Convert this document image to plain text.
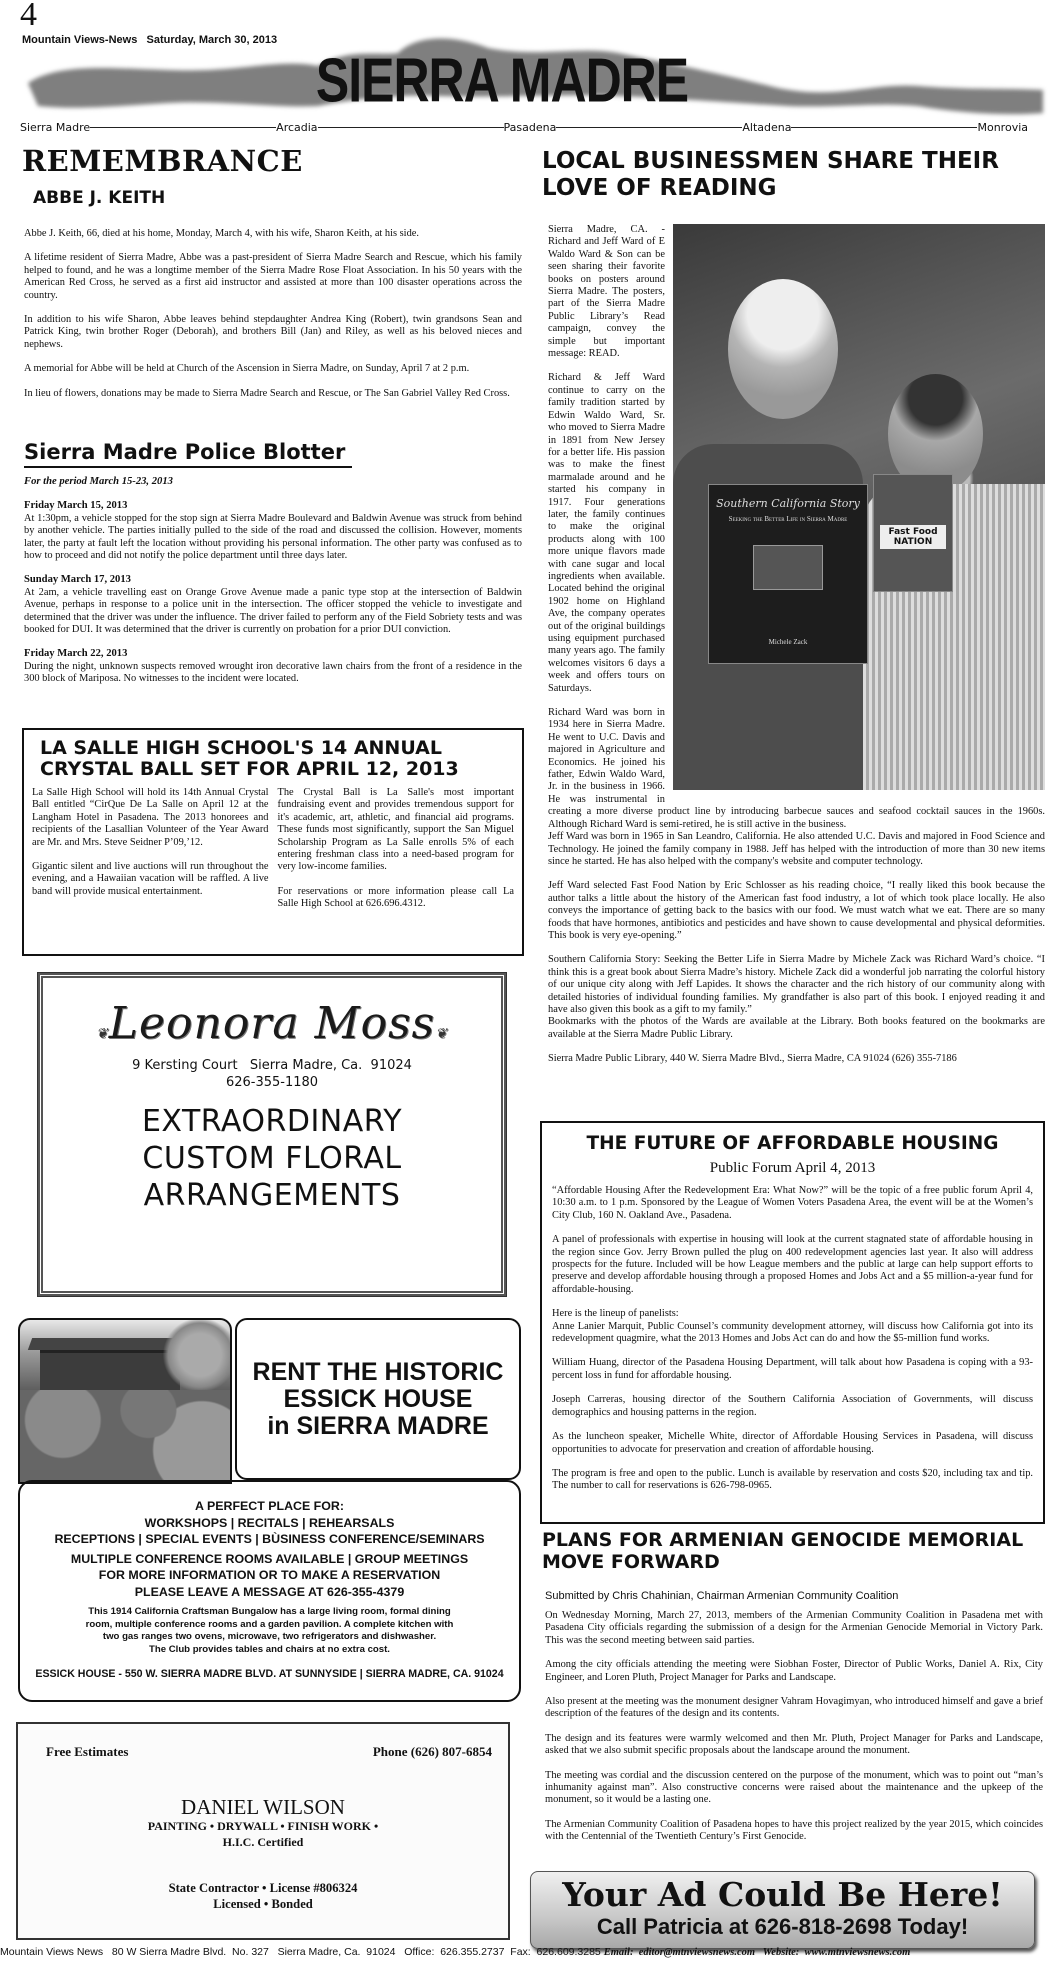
4
Mountain Views-News   Saturday, March 30, 2013
SIERRA MADRE
Sierra Madre	Arcadia	Pasadena	Altadena	Monrovia
REMEMBRANCE
ABBE J. KEITH

Abbe J. Keith, 66, died at his home, Monday, March 4, with his wife, Sharon Keith, at his side.

A lifetime resident of Sierra Madre, Abbe was a past-president of Sierra Madre Search and Rescue, which his family helped to found, and he was a longtime member of the Sierra Madre Rose Float Association. In his 50 years with the American Red Cross, he served as a first aid instructor and assisted at more than 100 disaster operations across the country.

In addition to his wife Sharon, Abbe leaves behind stepdaughter Andrea King (Robert), twin grandsons Sean and Patrick King, twin brother Roger (Deborah), and brothers Bill (Jan) and Riley, as well as his beloved nieces and nephews.

A memorial for Abbe will be held at Church of the Ascension in Sierra Madre, on Sunday, April 7 at 2 p.m.

In lieu of flowers, donations may be made to Sierra Madre Search and Rescue, or The San Gabriel Valley Red Cross.

Sierra Madre Police Blotter

For the period March 15-23, 2013

Friday March 15, 2013

At 1:30pm, a vehicle stopped for the stop sign at Sierra Madre Boulevard and Baldwin Avenue was struck from behind by another vehicle. The parties initially pulled to the side of the road and discussed the collision. However, moments later, the party at fault left the location without providing his personal information. The other party was confused as to how to proceed and did not notify the police department until three days later.

Sunday March 17, 2013

At 2am, a vehicle travelling east on Orange Grove Avenue made a panic type stop at the intersection of Baldwin Avenue, perhaps in response to a police unit in the intersection. The officer stopped the vehicle to investigate and determined that the driver was under the influence. The driver failed to perform any of the Field Sobriety tests and was booked for DUI. It was determined that the driver is currently on probation for a prior DUI conviction.

Friday March 22, 2013

During the night, unknown suspects removed wrought iron decorative lawn chairs from the front of a residence in the 300 block of Mariposa. No witnesses to the incident were located.

LA SALLE HIGH SCHOOL'S 14 ANNUAL
CRYSTAL BALL SET FOR APRIL 12, 2013

La Salle High School will hold its 14th Annual Crystal Ball entitled “CirQue De La Salle on April 12 at the Langham Hotel in Pasadena. The 2013 honorees and recipients of the Lasallian Volunteer of the Year Award are Mr. and Mrs. Steve Seidner P’09,’12.

Gigantic silent and live auctions will run throughout the evening, and a Hawaiian vacation will be raffled. A live band will provide musical entertainment.

The Crystal Ball is La Salle's most important fundraising event and provides tremendous support for it's academic, art, athletic, and financial aid programs. These funds most significantly, support the San Miguel Scholarship Program as La Salle enrolls 5% of each entering freshman class into a need-based program for very low-income families.

For reservations or more information please call La Salle High School at 626.696.4312.

❦Leonora Moss❦
9 Kersting Court   Sierra Madre, Ca.  91024
626-355-1180
EXTRAORDINARY
CUSTOM FLORAL
ARRANGEMENTS
RENT THE HISTORIC
ESSICK HOUSE
in SIERRA MADRE
A PERFECT PLACE FOR:
WORKSHOPS | RECITALS | REHEARSALS
RECEPTIONS | SPECIAL EVENTS | BÙSINESS CONFERENCE/SEMINARS
MULTIPLE CONFERENCE ROOMS AVAILABLE | GROUP MEETINGS
FOR MORE INFORMATION OR TO MAKE A RESERVATION
PLEASE LEAVE A MESSAGE AT 626-355-4379
This 1914 California Craftsman Bungalow has a large living room, formal dining
room, multiple conference rooms and a garden pavilion. A complete kitchen with
two gas ranges two ovens, microwave, two refrigerators and dishwasher.
The Club provides tables and chairs at no extra cost.
ESSICK HOUSE - 550 W. SIERRA MADRE BLVD. AT SUNNYSIDE | SIERRA MADRE, CA. 91024
Free Estimates	Phone (626) 807-6854
DANIEL WILSON
PAINTING • DRYWALL • FINISH WORK •
H.I.C. Certified
State Contractor • License #806324
Licensed • Bonded
LOCAL BUSINESSMEN SHARE THEIR LOVE OF READING
Southern California Story
Seeking the Better Life in Sierra Madre
Michele Zack
Fast Food NATION

Sierra Madre, CA. - Richard and Jeff Ward of E Waldo Ward & Son can be seen sharing their favorite books on posters around Sierra Madre. The posters, part of the Sierra Madre Public Library’s Read campaign, convey the simple but important message: READ.

Richard & Jeff Ward continue to carry on the family tradition started by Edwin Waldo Ward, Sr. who moved to Sierra Madre in 1891 from New Jersey for a better life. His passion was to make the finest marmalade around and he started his company in 1917. Four generations later, the family continues to make the original products along with 100 more unique flavors made with cane sugar and local ingredients when available. Located behind the original 1902 home on Highland Ave, the company operates out of the original buildings using equipment purchased many years ago. The family welcomes visitors 6 days a week and offers tours on Saturdays.

Richard Ward was born in 1934 here in Sierra Madre. He went to U.C. Davis and majored in Agriculture and Economics. He joined his father, Edwin Waldo Ward, Jr. in the business in 1966. He was instrumental in creating a more diverse product line by introducing barbecue sauces and seafood cocktail sauces in the 1960s. Although Richard Ward is semi-retired, he is still active in the business.

Jeff Ward was born in 1965 in San Leandro, California. He also attended U.C. Davis and majored in Food Science and Technology. He joined the family company in 1988. Jeff has helped with the introduction of more than 30 new items since he started. He has also helped with the company's website and computer technology.

Jeff Ward selected Fast Food Nation by Eric Schlosser as his reading choice, “I really liked this book because the author talks a little about the history of the American fast food industry, a lot of which took place locally. He also conveys the importance of getting back to the basics with our food. We must watch what we eat. There are so many foods that have hormones, antibiotics and pesticides and have shown to cause developmental and physical deformities. This book is very eye-opening.”

Southern California Story: Seeking the Better Life in Sierra Madre by Michele Zack was Richard Ward’s choice. “I think this is a great book about Sierra Madre’s history. Michele Zack did a wonderful job narrating the colorful history of our unique city along with Jeff Lapides. It shows the character and the rich history of our community along with detailed histories of individual founding families. My grandfather is also part of this book. I enjoyed reading it and have also given this book as a gift to my family.”

Bookmarks with the photos of the Wards are available at the Library. Both books featured on the bookmarks are available at the Sierra Madre Public Library.

Sierra Madre Public Library, 440 W. Sierra Madre Blvd., Sierra Madre, CA 91024 (626) 355-7186

THE FUTURE OF AFFORDABLE HOUSING
Public Forum April 4, 2013

“Affordable Housing After the Redevelopment Era: What Now?” will be the topic of a free public forum April 4, 10:30 a.m. to 1 p.m. Sponsored by the League of Women Voters Pasadena Area, the event will be at the Women’s City Club, 160 N. Oakland Ave., Pasadena.

A panel of professionals with expertise in housing will look at the current stagnated state of affordable housing in the region since Gov. Jerry Brown pulled the plug on 400 redevelopment agencies last year. It also will address prospects for the future. Included will be how League members and the public at large can help support efforts to preserve and develop affordable housing through a proposed Homes and Jobs Act and a $5 million-a-year fund for affordable-housing.

Here is the lineup of panelists:

Anne Lanier Marquit, Public Counsel’s community development attorney, will discuss how California got into its redevelopment quagmire, what the 2013 Homes and Jobs Act can do and how the $5-million fund works.

William Huang, director of the Pasadena Housing Department, will talk about how Pasadena is coping with a 93-percent loss in fund for affordable housing.

Joseph Carreras, housing director of the Southern California Association of Governments, will discuss demographics and housing patterns in the region.

As the luncheon speaker, Michelle White, director of Affordable Housing Services in Pasadena, will discuss opportunities to advocate for preservation and creation of affordable housing.

The program is free and open to the public. Lunch is available by reservation and costs $20, including tax and tip. The number to call for reservations is 626-798-0965.

PLANS FOR ARMENIAN GENOCIDE MEMORIAL MOVE FORWARD
Submitted by Chris Chahinian, Chairman Armenian Community Coalition

On Wednesday Morning, March 27, 2013, members of the Armenian Community Coalition in Pasadena met with Pasadena City officials regarding the submission of a design for the Armenian Genocide Memorial in Victory Park. This was the second meeting between said parties.

Among the city officials attending the meeting were Siobhan Foster, Director of Public Works, Daniel A. Rix, City Engineer, and Loren Pluth, Project Manager for Parks and Landscape.

Also present at the meeting was the monument designer Vahram Hovagimyan, who introduced himself and gave a brief description of the features of the design and its contents.

The design and its features were warmly welcomed and then Mr. Pluth, Project Manager for Parks and Landscape, asked that we also submit specific proposals about the landscape around the monument.

The meeting was cordial and the discussion centered on the purpose of the monument, which was to point out “man’s inhumanity against man”. Also constructive concerns were raised about the maintenance and the upkeep of the monument, so it would be a lasting one.

The Armenian Community Coalition of Pasadena hopes to have this project realized by the year 2015, which coincides with the Centennial of the Twentieth Century’s First Genocide.

Your Ad Could Be Here!
Call Patricia at 626-818-2698 Today!
Mountain Views News   80 W Sierra Madre Blvd.  No. 327   Sierra Madre, Ca.  91024   Office:  626.355.2737  Fax:  626.609.3285 Email:  editor@mtnviewsnews.com   Website:  www.mtnviewsnews.com
